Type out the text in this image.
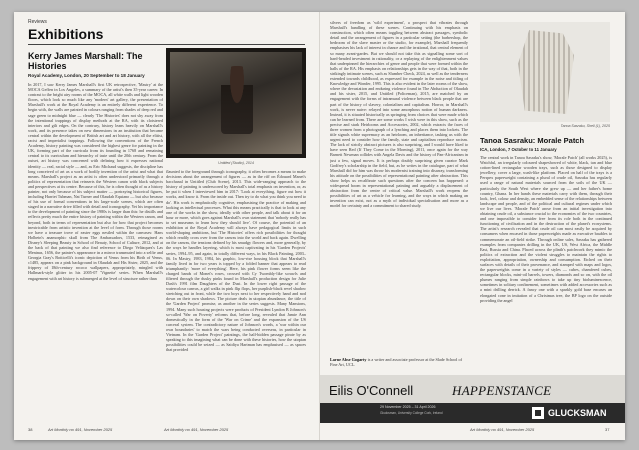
Reviews
Exhibitions
Kerry James Marshall: The Histories
Royal Academy, London, 20 September to 18 January

In 2017, I saw Kerry James Marshall's first UK retrospective, 'Mastry' at the MOCA Geffen in Los Angeles, a summary of the artist's then 35-year career. In contrast to the bright airy rooms of the MOCA, all white walls and light wooden floors, which look so much like any 'modern' art gallery, the presentation of Marshall's work at the Royal Academy is an entirely different experience. To begin with, the walls are painted in colours ranging from shades of deep red and sage green to midnight blue — clearly 'The Histories' does not shy away from the intentional trappings of display methods at the RA, with its cloistered interiors and gilt edges. On the contrary, history leans heavily on Marshall's work, and its presence takes on new dimensions in an institution that became central within the development of British art and art history, with all the elitist, racist and imperialist trappings. Following the conventions of the French Academy, history painting was considered the highest genre for painting in the UK, forming part of the curricula from its founding in 1768 and remaining central to its curriculum and hierarchy of taste until the 20th century. From the outset, art history was concerned with defining how it expresses national identity — real, racial style — and, as Eric Michaud suggests, the discipline has long conceived of art as a work of bodily invention of the artist and what that means. Marshall's project as an artist is often understood primarily through a politics of representation that reinserts the Western canon with black subjects and perspectives at its centre. Because of this, he is often thought of as a history painter, not only because of his subject matter — portraying historical figures, including Harriet Tubman, Nat Turner and Olaudah Equiano — but also because of his use of formal conventions in his large-scale scenes, which are often staged in a narrative drive filled with detail and iconography. Yet his importance to the development of painting since the 1980s is larger than this: he distills and reflects pretty much the entire history of painting within the Western canon, and beyond, both in terms of representation but also for how that project becomes inextricable from artistic invention at the level of form. Through those rooms we have a treasure trove of easter eggs nestled within the canvases: Hans Holbein's anamorphic skull from The Ambassadors, 1533, reimagined as Disney's Sleeping Beauty in School of Beauty, School of Culture, 2012, and at the back of that painting we also find reference to Diego Velázquez's Las Meninas, 1656, the painter's appearance in a mirror transmuted into a selfie and Georgia Gray's Botticelli's iconic depiction of Venus from his Birth of Venus, c1485, appears on a pink background in Olaudah and His Sister, 2025, and the frippery of 18th-century rococo wallpapers, appropriately, mingled with Hallmark-style glitter in his 2005-07 'Vignette' series. When Marshall's engagement with art history is submerged at the level of structure rather than

Untitled (Studio), 2014

flaunted to the foreground through iconography, it often becomes a means to make decisions about the arrangement of figures — as in the riff on Édouard Manet's bacchanal in Untitled (Club Scene), 2013. This wide-ranging approach to the history of painting is underscored by Marshall's total emphasis on invention, or, as he put it when I interviewed him in 2017: 'Look at everything, figure out how it works, and know it. From the inside out. Then try to do what you think you need to do'. His work is emphatically cognitive, emphasising the practice of making and looking as intellectual processes. What this means practically is that to look at any one of the works in the show, ideally with other people, and talk about it for an hour or more, which goes against Marshall's own statement that 'nobody really has to set museums to learn how they should live'. Of course, the potential of an exhibition at the Royal Academy will always have pedagogical limits in such world-shaping ambitions, but 'The Histories' offers rich possibilities for thought which readily cross over from the canvas into the world and back again. Dwelling on the canvas, the tensions defined by his smudgy flowers and, more generally, by the ways he handles layering, which is most captivating in his 'Garden Projects' series, 1994–95, and again, in totally different ways, in his Black Painting, 2003–06. In Mastry, 1983, 1984, his graphic, low-rise housing block that Marshall's family lived in for two years is topped by a folded banner that appears to read triumphantly: 'more of everything'. Here, his pink flower forms seem like the charged bands of Monet's roses, crossed with Cy Twombly-like scrawls and filtered through the dusky pinks found in Marshall's production design for Julie Dash's 1991 film Daughters of the Dust. In the lower right passage of the watercolour canvas, a girl walks in pink flip flops, her purplish-black revel shadow stretching out in front, while the two boys next to her respectively hand and nod down on their own shadows. The picture deals in utopian abundance, the title of the 'Garden Project' promise, as another in the series suggests. Many Mansions, 1994. Many such housing projects were products of President Lyndon B Johnson's so-called 'War on Poverty' reforms that, before long, revealed that Jamie Ann domestically in the form of the 'War on Crime' and the expansion of the US carceral system. The contradictory nature of Johnson's words, a 'war within our own boundaries' to match the wars being conducted overseas, in particular in Vietnam. In the 'Garden Project' paintings, the half-hidden passage pirate by as speaking to this imagining what can be done with these histories, how the utopian possibilities could be seized — as Saidiya Hartman has emphasised — as spaces that provided

38	Art Monthly no 491, November 2025	Art Monthly no 491, November 2025

silvers of freedom as 'wild experiment', a prospect that vibrates through Marshall's handling of these scenes. Continuing with his emphasis on construction, which often means toggling between abstract passages, symbolic detail and the arrangement of figures in a particular setting (the barbershop, the bedroom of the slave master or the studio, for example), Marshall frequently emphasises his lack of interest in chance and the irrational, that central element of so many avant-gardes. But we should not take this as signalling some sort of hard-headed investment in rationality, or a replaying of the enlightenment values that underpinned the hierarchies of genre and people that were formed within the halls of the RA. His emphasis on relationships gets in the way of that, both in the strikingly intimate scenes, such as Slumber Check, 2024, as well as the tenderness extended towards childhood, as expressed for example in the noise and titling of Knowledge and Wonder, 1995. This is also evident in the later rooms of the show, where the devastation and enduring violence found in The Abduction of Olaudah and his sister, 2015, and Untitled (Policeman), 2015, are matched by an engagement with the forms of intramural violence between black people that are part of the history of slavery, colonialism and capitalism. Horror, in Marshall's work, is never naive: relayed into some amorphous notion of human darkness. Instead, it is situated historically as springing from choices that were made which can be learned from. There are some works I wish were in this show, such as the precise and stark Heirlooms and Accessories, 2002, which extracts the faces of three women from a photograph of a lynching and places them into lockets. The title signals white supremacy as an heirloom, an inheritance, tasking us with the urgent need to consider how the family, state and capitalism reproduce racism. The lack of strictly abstract pictures is also surprising, and I would have liked to have seen Red (If They Come in the Morning), 2011, once again for the way Barnett Newman collides with Angela Davis and the history of Pan-Africanism in just a few, signal moves. It is perhaps doubly surprising given curator Mark Godfrey's scholarship in the field, but, as he writes in the catalogue, part of what Marshall did for him was throw his modernist training into disarray, transforming his attitude on the possibilities of representational painting after abstraction. This show helps us recalibrate such questions after the concern has happened: a widespread boom in representational painting and arguably a displacement of abstraction from the centre of critical value. Marshall's work reopens the possibilities of art as a vehicle for learning, and the ways in which making an invention can exist, not as a myth of individual specialisation and more as a model for certainty and a commitment to shared study.

Larne Abse Gogarty is a writer and associate professor at the Slade School of Fine Art, UCL.
Tanoa Sasraku, Shell (1), 2025
Tanoa Sasraku: Morale Patch
ICA, London, 7 October to 11 January

The central work in Tanoa Sasraku's show, 'Morale Patch' (all works 2025), is Watchful, an irregularly coloured shapeshowed of white, black, tan and blue cotton-lined rectangular wooden trays, such as those designed to display jewellery, cover a large, wash-like platform. Placed on half of the trays is a Perspex paperweight containing a plural of crude oil, Sasraku has regularly used a range of natural materials sourced from the soils of the UK — particularly the South West where she grew up — and her father's home country, Ghana. In her hands these materials carry with them, through their look, feel, colour and density, an embedded sense of the relationships between landscape and people, and of the political and cultural regimes under which we live our lives. 'Morale Patch' arose from an initial investigation into obtaining crude oil, a substance crucial to the economies of the two countries, and one impossible to consider free from its role both in the continued functioning of civilisation and in the destruction of the planet's ecosystems. The artist's research revealed that crude oil can most easily be acquired by consumers when encased in those paperweights made as executive baubles to commemorate an oil-field strike. Through online sales, Sasraku has gathered examples from companies drilling in the UK, US, West Africa, the Middle East, Russia and China. Placed across the plinth's patchwork they mimic the politics of extraction and the violent struggles to maintain the rights to exploitation, appropriation, ownership and consumption. Etched on their surfaces with details of their provenance, and stamped with maps and logos, the paperweights come in a variety of styles — cubes, chamfered cubes, rectangular blocks, mini-oil barrels, towers, diamonds and so on, with the oil plumes ranging from simple rainbows to take up tiny bioluminescence, sometimes in solitary confinement, sometimes with added accessories such as a mini drilling derrick. A fancy one with a sparkly gold base encases an elongated cone in imitation of a Christmas tree, the BP logo on the outside providing the angel

Eilis O'Connell	HAPPENSTANCE
29 November 2025 – 31 April 2026
Glucksman, University College Cork, Ireland	GLUCKSMAN
Art Monthly no 491, November 2025	37
